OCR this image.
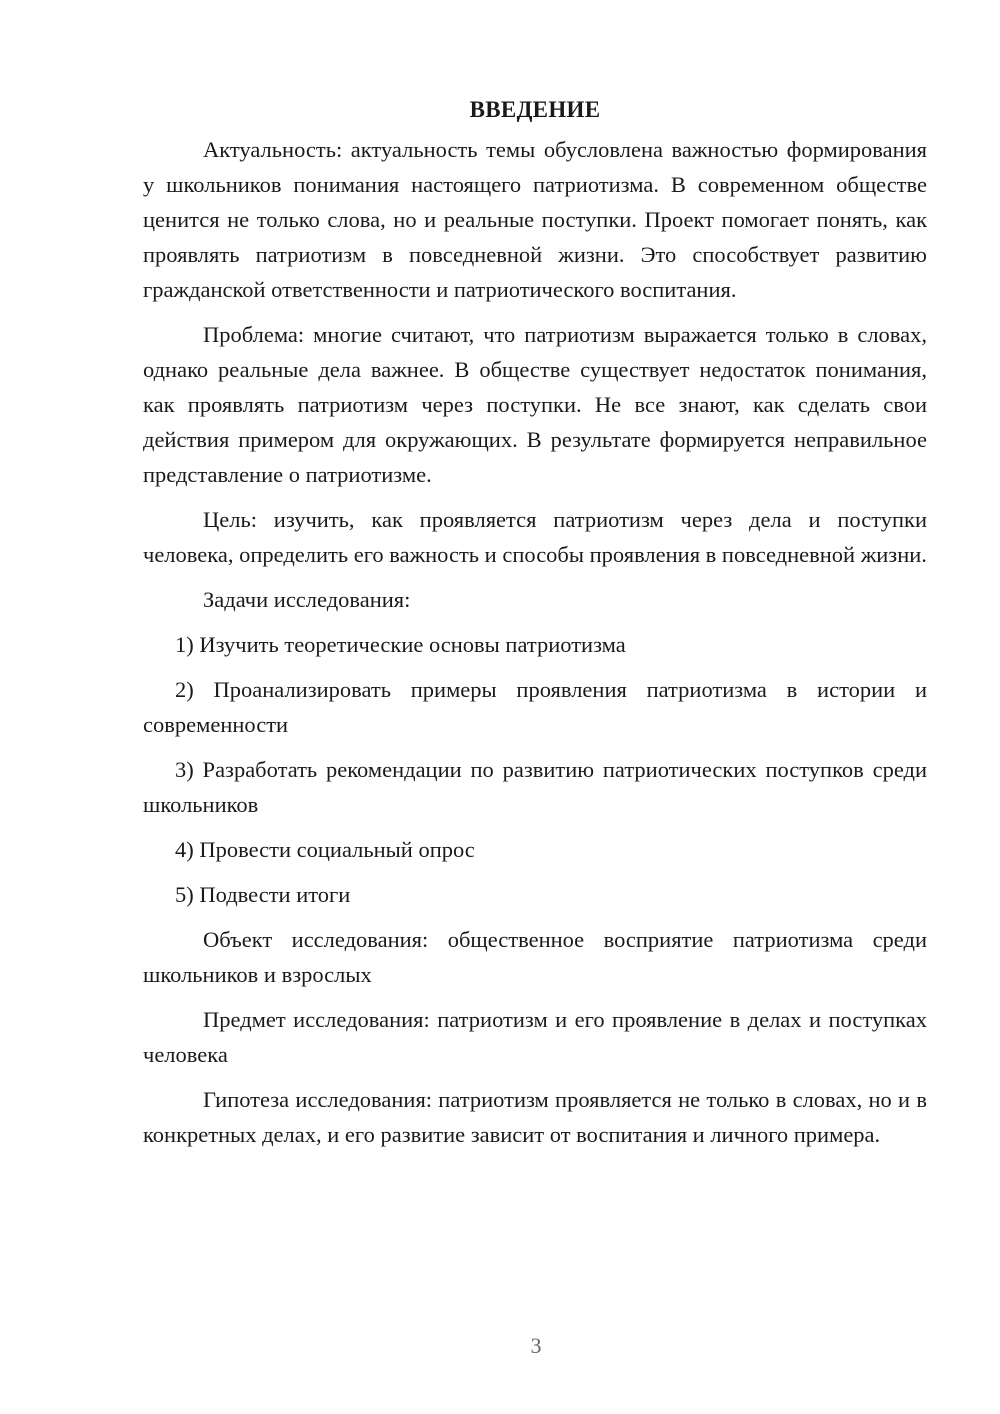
ВВЕДЕНИЕ

Актуальность: актуальность темы обусловлена важностью формирования у школьников понимания настоящего патриотизма. В современном обществе ценится не только слова, но и реальные поступки. Проект помогает понять, как проявлять патриотизм в повседневной жизни. Это способствует развитию гражданской ответственности и патриотического воспитания.

Проблема: многие считают, что патриотизм выражается только в словах, однако реальные дела важнее. В обществе существует недостаток понимания, как проявлять патриотизм через поступки. Не все знают, как сделать свои действия примером для окружающих. В результате формируется неправильное представление о патриотизме.

Цель: изучить, как проявляется патриотизм через дела и поступки человека, определить его важность и способы проявления в повседневной жизни.

Задачи исследования:

1) Изучить теоретические основы патриотизма

2) Проанализировать примеры проявления патриотизма в истории и современности

3) Разработать рекомендации по развитию патриотических поступков среди школьников

4) Провести социальный опрос

5) Подвести итоги

Объект исследования: общественное восприятие патриотизма среди школьников и взрослых

Предмет исследования: патриотизм и его проявление в делах и поступках человека

Гипотеза исследования: патриотизм проявляется не только в словах, но и в конкретных делах, и его развитие зависит от воспитания и личного примера.

3
